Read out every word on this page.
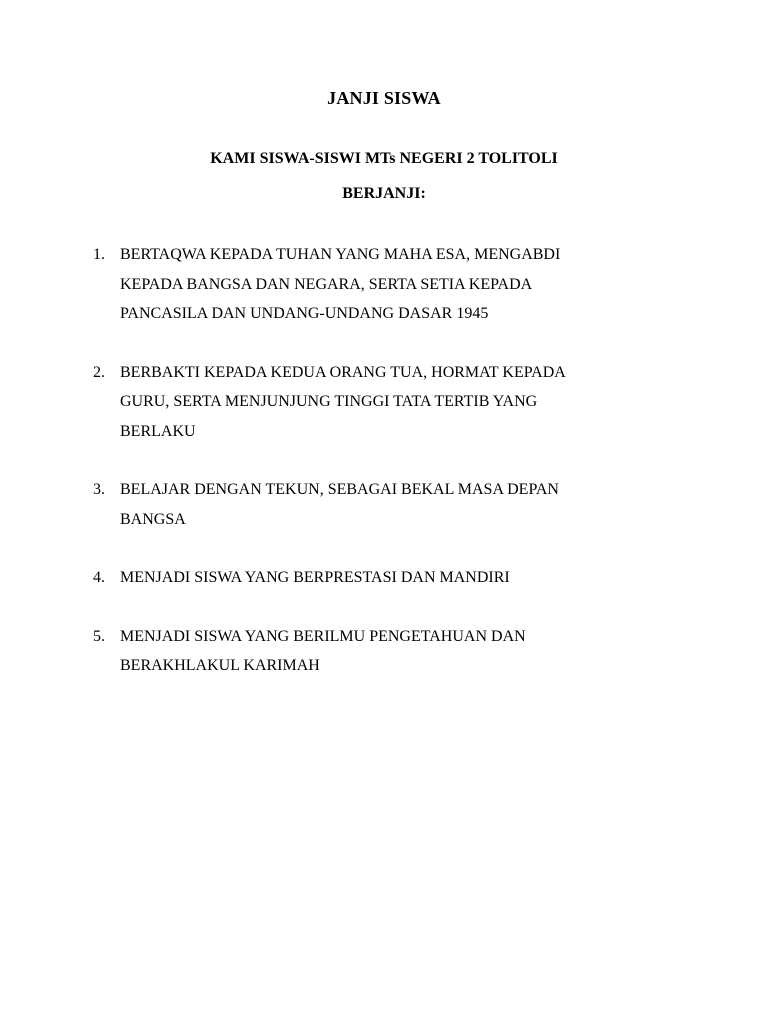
JANJI SISWA
KAMI SISWA-SISWI MTs NEGERI 2 TOLITOLI
BERJANJI:
1. BERTAQWA KEPADA TUHAN YANG MAHA ESA, MENGABDI
KEPADA BANGSA DAN NEGARA, SERTA SETIA KEPADA
PANCASILA DAN UNDANG-UNDANG DASAR 1945
2. BERBAKTI KEPADA KEDUA ORANG TUA, HORMAT KEPADA
GURU, SERTA MENJUNJUNG TINGGI TATA TERTIB YANG
BERLAKU
3. BELAJAR DENGAN TEKUN, SEBAGAI BEKAL MASA DEPAN
BANGSA
4. MENJADI SISWA YANG BERPRESTASI DAN MANDIRI
5. MENJADI SISWA YANG BERILMU PENGETAHUAN DAN
BERAKHLAKUL KARIMAH
